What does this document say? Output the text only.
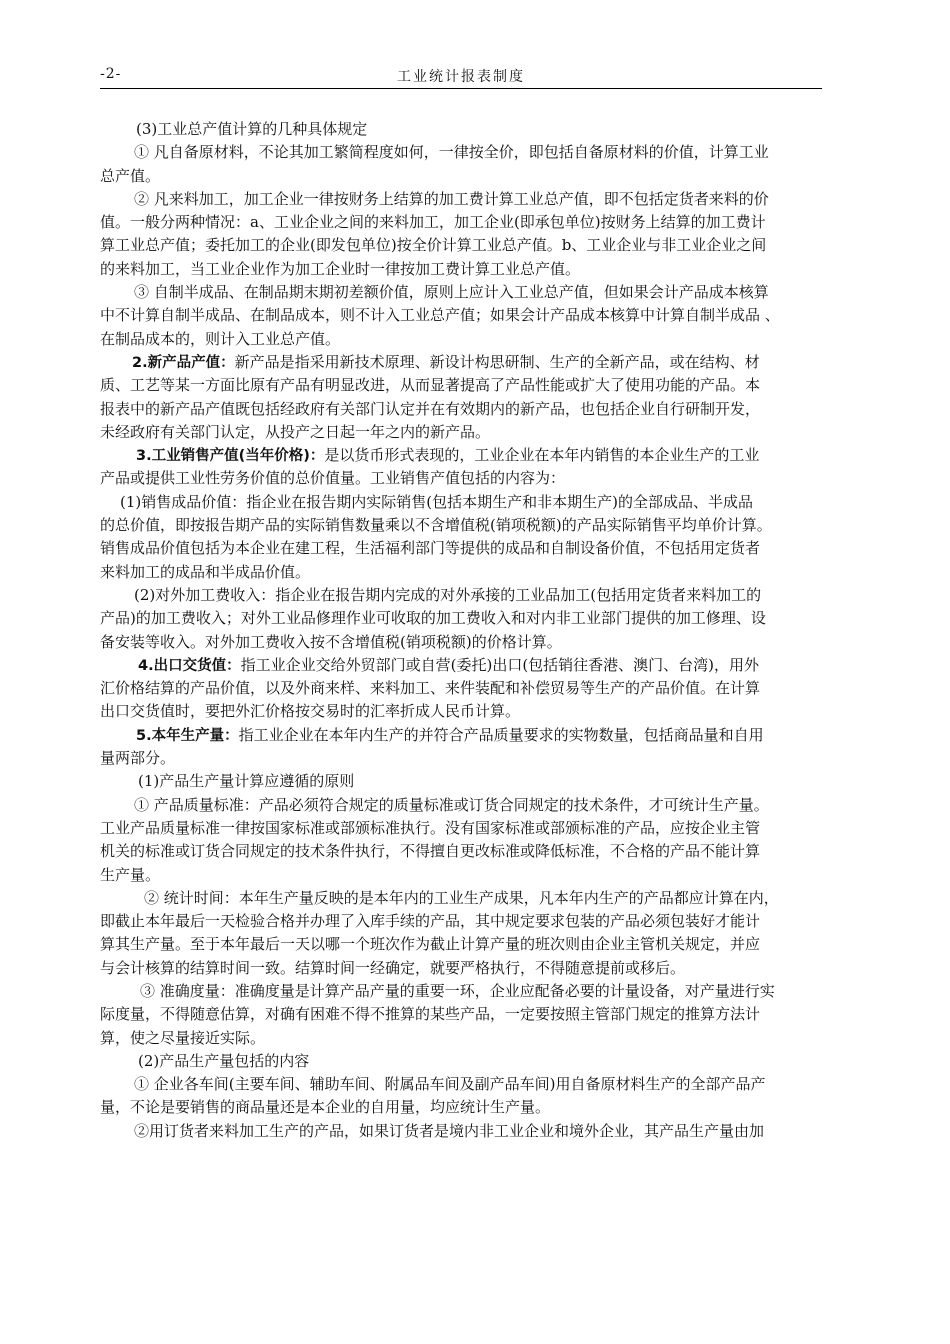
-2-	工业统计报表制度
(3)工业总产值计算的几种具体规定
① 凡自备原材料，不论其加工繁简程度如何，一律按全价，即包括自备原材料的价值，计算工业
总产值。
② 凡来料加工，加工企业一律按财务上结算的加工费计算工业总产值，即不包括定货者来料的价
值。一般分两种情况：a、工业企业之间的来料加工，加工企业(即承包单位)按财务上结算的加工费计
算工业总产值；委托加工的企业(即发包单位)按全价计算工业总产值。b、工业企业与非工业企业之间
的来料加工，当工业企业作为加工企业时一律按加工费计算工业总产值。
③ 自制半成品、在制品期末期初差额价值，原则上应计入工业总产值，但如果会计产品成本核算
中不计算自制半成品、在制品成本，则不计入工业总产值；如果会计产品成本核算中计算自制半成品 、
在制品成本的，则计入工业总产值。
2.新产品产值：新产品是指采用新技术原理、新设计构思研制、生产的全新产品，或在结构、材
质、工艺等某一方面比原有产品有明显改进，从而显著提高了产品性能或扩大了使用功能的产品。本
报表中的新产品产值既包括经政府有关部门认定并在有效期内的新产品，也包括企业自行研制开发，
未经政府有关部门认定，从投产之日起一年之内的新产品。
3.工业销售产值(当年价格)：是以货币形式表现的，工业企业在本年内销售的本企业生产的工业
产品或提供工业性劳务价值的总价值量。工业销售产值包括的内容为：
(1)销售成品价值：指企业在报告期内实际销售(包括本期生产和非本期生产)的全部成品、半成品
的总价值，即按报告期产品的实际销售数量乘以不含增值税(销项税额)的产品实际销售平均单价计算。
销售成品价值包括为本企业在建工程，生活福利部门等提供的成品和自制设备价值，不包括用定货者
来料加工的成品和半成品价值。
(2)对外加工费收入：指企业在报告期内完成的对外承接的工业品加工(包括用定货者来料加工的
产品)的加工费收入；对外工业品修理作业可收取的加工费收入和对内非工业部门提供的加工修理、设
备安装等收入。对外加工费收入按不含增值税(销项税额)的价格计算。
4.出口交货值：指工业企业交给外贸部门或自营(委托)出口(包括销往香港、澳门、台湾)，用外
汇价格结算的产品价值，以及外商来样、来料加工、来件装配和补偿贸易等生产的产品价值。在计算
出口交货值时，要把外汇价格按交易时的汇率折成人民币计算。
5.本年生产量：指工业企业在本年内生产的并符合产品质量要求的实物数量，包括商品量和自用
量两部分。
(1)产品生产量计算应遵循的原则
① 产品质量标准：产品必须符合规定的质量标准或订货合同规定的技术条件，才可统计生产量。
工业产品质量标准一律按国家标准或部颁标准执行。没有国家标准或部颁标准的产品，应按企业主管
机关的标准或订货合同规定的技术条件执行，不得擅自更改标准或降低标准，不合格的产品不能计算
生产量。
② 统计时间：本年生产量反映的是本年内的工业生产成果，凡本年内生产的产品都应计算在内，
即截止本年最后一天检验合格并办理了入库手续的产品，其中规定要求包装的产品必须包装好才能计
算其生产量。至于本年最后一天以哪一个班次作为截止计算产量的班次则由企业主管机关规定，并应
与会计核算的结算时间一致。结算时间一经确定，就要严格执行，不得随意提前或移后。
③ 准确度量：准确度量是计算产品产量的重要一环，企业应配备必要的计量设备，对产量进行实
际度量，不得随意估算，对确有困难不得不推算的某些产品，一定要按照主管部门规定的推算方法计
算，使之尽量接近实际。
(2)产品生产量包括的内容
① 企业各车间(主要车间、辅助车间、附属品车间及副产品车间)用自备原材料生产的全部产品产
量，不论是要销售的商品量还是本企业的自用量，均应统计生产量。
②用订货者来料加工生产的产品，如果订货者是境内非工业企业和境外企业，其产品生产量由加
